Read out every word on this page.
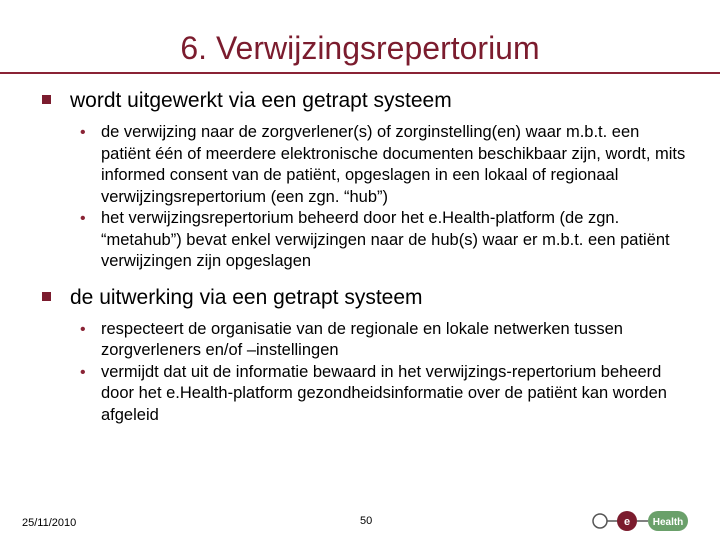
6. Verwijzingsrepertorium
wordt uitgewerkt via een getrapt systeem
• de verwijzing naar de zorgverlener(s) of zorginstelling(en) waar m.b.t. een patiënt één of meerdere elektronische documenten beschikbaar zijn, wordt, mits informed consent van de patiënt, opgeslagen in een lokaal of regionaal verwijzingsrepertorium (een zgn. “hub”)
• het verwijzingsrepertorium beheerd door het e.Health-platform (de zgn. “metahub”) bevat enkel verwijzingen naar de hub(s) waar er m.b.t. een patiënt verwijzingen zijn opgeslagen
de uitwerking via een getrapt systeem
• respecteert de organisatie van de regionale en lokale netwerken tussen zorgverleners en/of –instellingen
• vermijdt dat uit de informatie bewaard in het verwijzings-repertorium beheerd door het e.Health-platform gezondheidsinformatie over de patiënt kan worden afgeleid
25/11/2010	50	e Health
